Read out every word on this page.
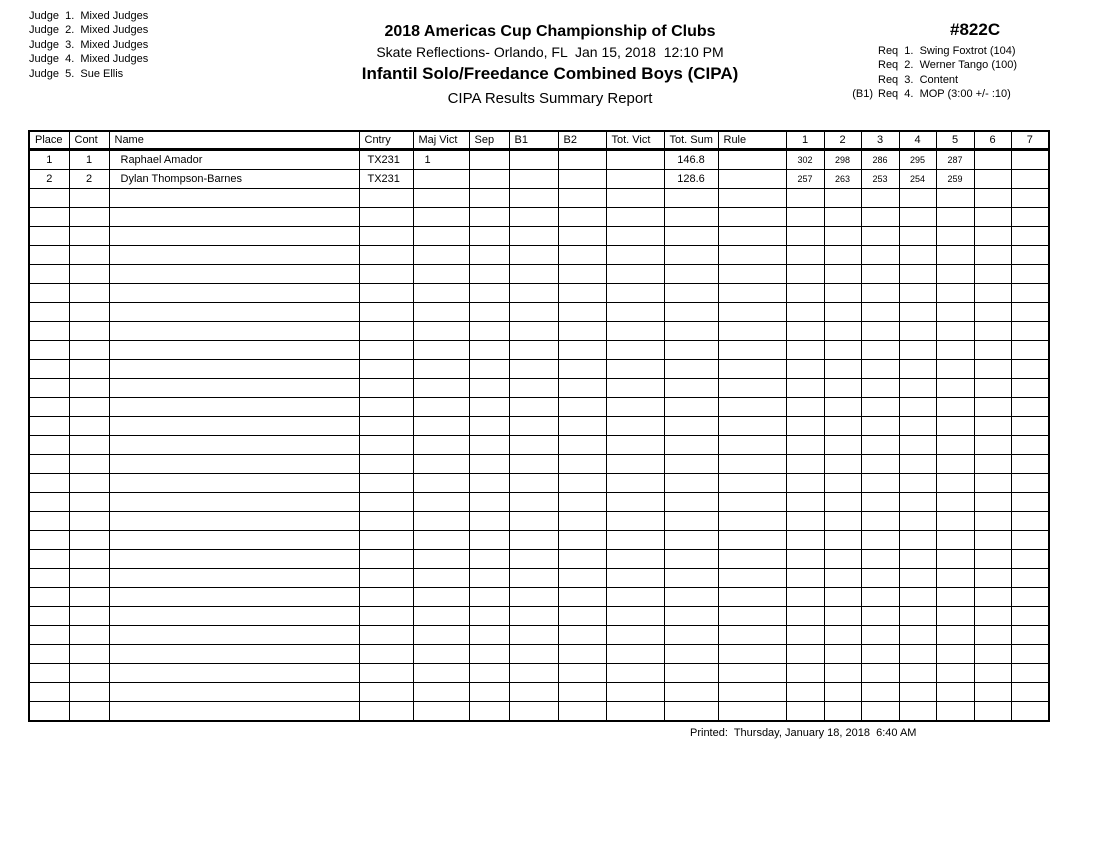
Judge  1.  Mixed Judges
Judge  2.  Mixed Judges
Judge  3.  Mixed Judges
Judge  4.  Mixed Judges
Judge  5.  Sue Ellis
2018 Americas Cup Championship of Clubs
Skate Reflections- Orlando, FL  Jan 15, 2018  12:10 PM
Infantil Solo/Freedance Combined Boys (CIPA)
CIPA Results Summary Report
#822C
Req  1.  Swing Foxtrot (104)
Req  2.  Werner Tango (100)
Req  3.  Content
(B1) Req  4.  MOP (3:00 +/- :10)
Place	Cont	Name	Cntry	Maj Vict	Sep	B1	B2	Tot. Vict	Tot. Sum	Rule	1	2	3	4	5	6	7
1	1	Raphael Amador	TX231	1					146.8		302	298	286	295	287		
2	2	Dylan Thompson-Barnes	TX231						128.6		257	263	253	254	259		

Printed:  Thursday, January 18, 2018  6:40 AM
